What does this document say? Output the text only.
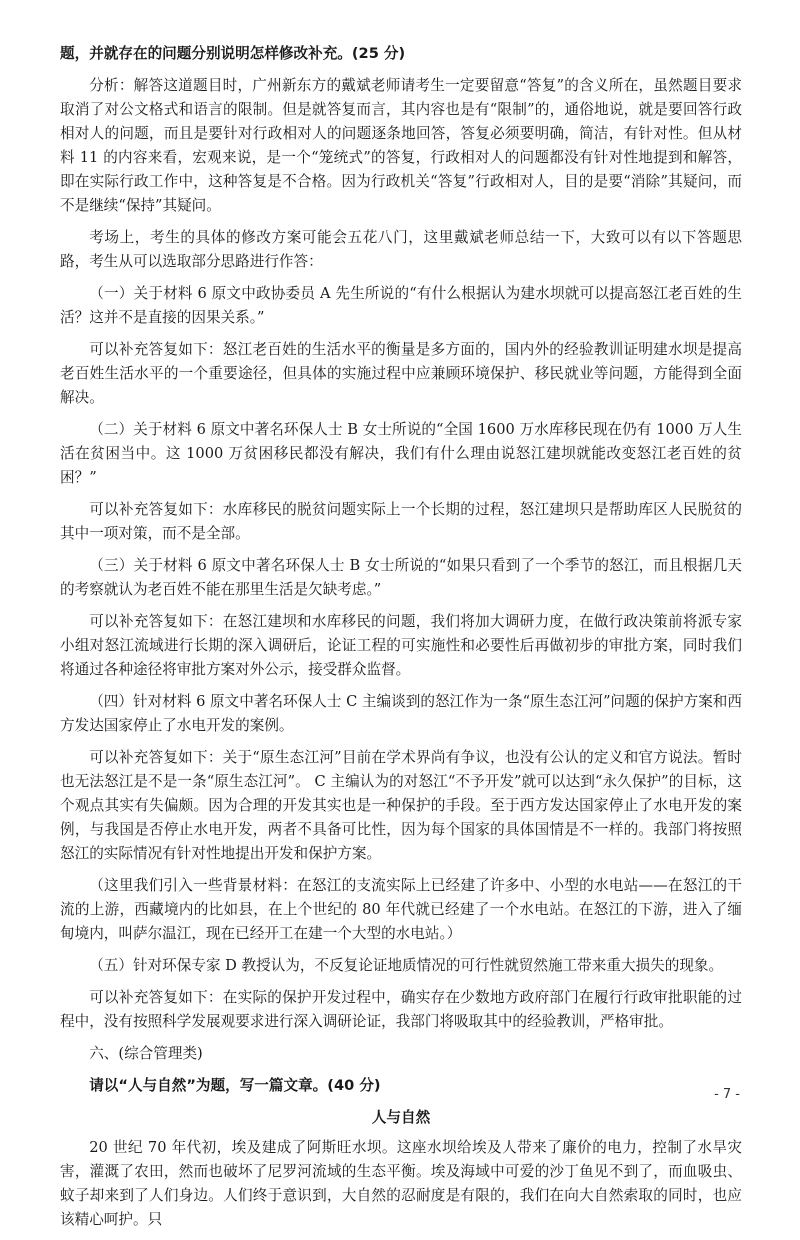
题，并就存在的问题分别说明怎样修改补充。(25 分)

分析：解答这道题目时，广州新东方的戴斌老师请考生一定要留意“答复”的含义所在，虽然题目要求取消了对公文格式和语言的限制。但是就答复而言，其内容也是有“限制”的，通俗地说，就是要回答行政相对人的问题，而且是要针对行政相对人的问题逐条地回答，答复必须要明确，简洁，有针对性。但从材料 11 的内容来看，宏观来说，是一个“笼统式”的答复，行政相对人的问题都没有针对性地提到和解答，即在实际行政工作中，这种答复是不合格。因为行政机关“答复”行政相对人，目的是要“消除”其疑问，而不是继续“保持”其疑问。

考场上，考生的具体的修改方案可能会五花八门，这里戴斌老师总结一下，大致可以有以下答题思路，考生从可以选取部分思路进行作答：

（一）关于材料 6 原文中政协委员 A 先生所说的“有什么根据认为建水坝就可以提高怒江老百姓的生活？这并不是直接的因果关系。”

可以补充答复如下：怒江老百姓的生活水平的衡量是多方面的，国内外的经验教训证明建水坝是提高老百姓生活水平的一个重要途径，但具体的实施过程中应兼顾环境保护、移民就业等问题，方能得到全面解决。

（二）关于材料 6 原文中著名环保人士 B 女士所说的“全国 1600 万水库移民现在仍有 1000 万人生活在贫困当中。这 1000 万贫困移民都没有解决，我们有什么理由说怒江建坝就能改变怒江老百姓的贫困？”

可以补充答复如下：水库移民的脱贫问题实际上一个长期的过程，怒江建坝只是帮助库区人民脱贫的其中一项对策，而不是全部。

（三）关于材料 6 原文中著名环保人士 B 女士所说的“如果只看到了一个季节的怒江，而且根据几天的考察就认为老百姓不能在那里生活是欠缺考虑。”

可以补充答复如下：在怒江建坝和水库移民的问题，我们将加大调研力度，在做行政决策前将派专家小组对怒江流域进行长期的深入调研后，论证工程的可实施性和必要性后再做初步的审批方案，同时我们将通过各种途径将审批方案对外公示，接受群众监督。

（四）针对材料 6 原文中著名环保人士 C 主编谈到的怒江作为一条“原生态江河”问题的保护方案和西方发达国家停止了水电开发的案例。

可以补充答复如下：关于“原生态江河”目前在学术界尚有争议，也没有公认的定义和官方说法。暂时也无法怒江是不是一条“原生态江河”。 C 主编认为的对怒江“不予开发”就可以达到“永久保护”的目标，这个观点其实有失偏颇。因为合理的开发其实也是一种保护的手段。至于西方发达国家停止了水电开发的案例，与我国是否停止水电开发，两者不具备可比性，因为每个国家的具体国情是不一样的。我部门将按照怒江的实际情况有针对性地提出开发和保护方案。

（这里我们引入一些背景材料：在怒江的支流实际上已经建了许多中、小型的水电站——在怒江的干流的上游，西藏境内的比如县，在上个世纪的 80 年代就已经建了一个水电站。在怒江的下游，进入了缅甸境内，叫萨尔温江，现在已经开工在建一个大型的水电站。）

（五）针对环保专家 D 教授认为，不反复论证地质情况的可行性就贸然施工带来重大损失的现象。

可以补充答复如下：在实际的保护开发过程中，确实存在少数地方政府部门在履行行政审批职能的过程中，没有按照科学发展观要求进行深入调研论证，我部门将吸取其中的经验教训，严格审批。

六、(综合管理类)

请以“人与自然”为题，写一篇文章。(40 分)

人与自然

20 世纪 70 年代初，埃及建成了阿斯旺水坝。这座水坝给埃及人带来了廉价的电力，控制了水旱灾害，灌溉了农田，然而也破坏了尼罗河流域的生态平衡。埃及海域中可爱的沙丁鱼见不到了，而血吸虫、蚊子却来到了人们身边。人们终于意识到，大自然的忍耐度是有限的，我们在向大自然索取的同时，也应该精心呵护。只

- 7 -
